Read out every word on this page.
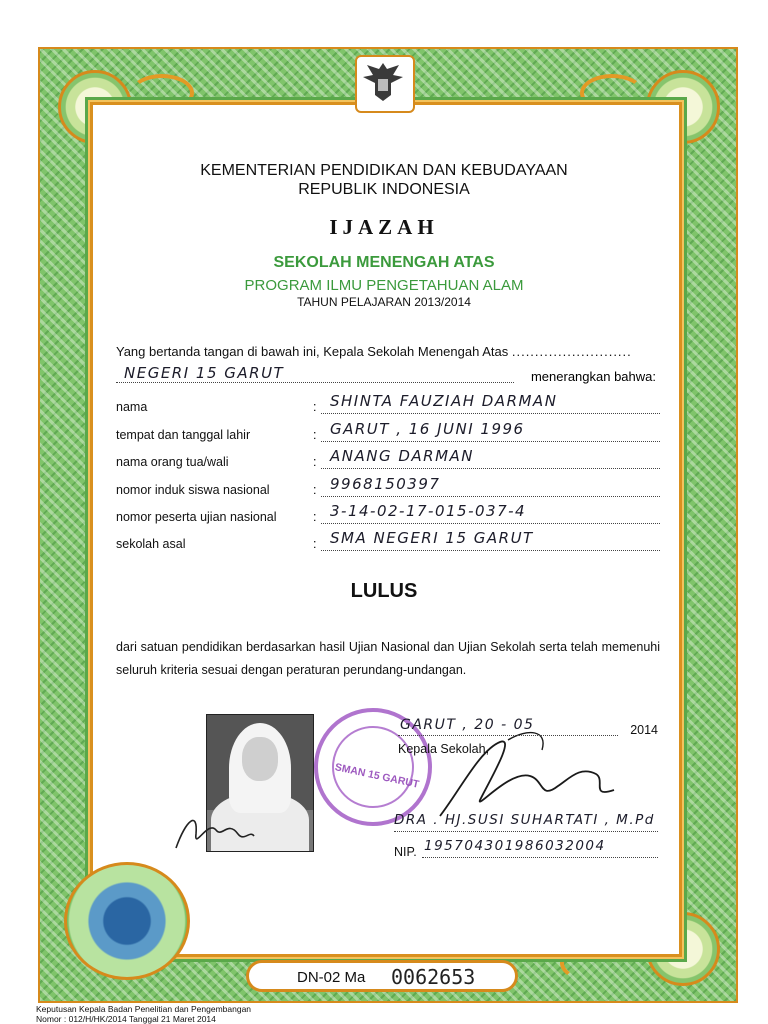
KEMENTERIAN PENDIDIKAN DAN KEBUDAYAAN
REPUBLIK INDONESIA
IJAZAH
SEKOLAH MENENGAH ATAS
PROGRAM ILMU PENGETAHUAN ALAM
TAHUN PELAJARAN 2013/2014
Yang bertanda tangan di bawah ini, Kepala Sekolah Menengah Atas ..........................
NEGERI 15 GARUT	menerangkan bahwa:
nama	: SHINTA FAUZIAH DARMAN
tempat dan tanggal lahir	: GARUT , 16 JUNI 1996
nama orang tua/wali	: ANANG DARMAN
nomor induk siswa nasional	: 9968150397
nomor peserta ujian nasional	: 3-14-02-17-015-037-4
sekolah asal	: SMA NEGERI 15 GARUT
LULUS
dari satuan pendidikan berdasarkan hasil Ujian Nasional dan Ujian Sekolah serta telah memenuhi seluruh kriteria sesuai dengan peraturan perundang-undangan.
SMAN 15 GARUT
GARUT , 20 - 05	2014
Kepala Sekolah,
DRA . HJ.SUSI SUHARTATI , M.Pd
NIP. 195704301986032004
DN-02 Ma 0062653
Keputusan Kepala Badan Penelitian dan Pengembangan
Nomor : 012/H/HK/2014 Tanggal 21 Maret 2014
